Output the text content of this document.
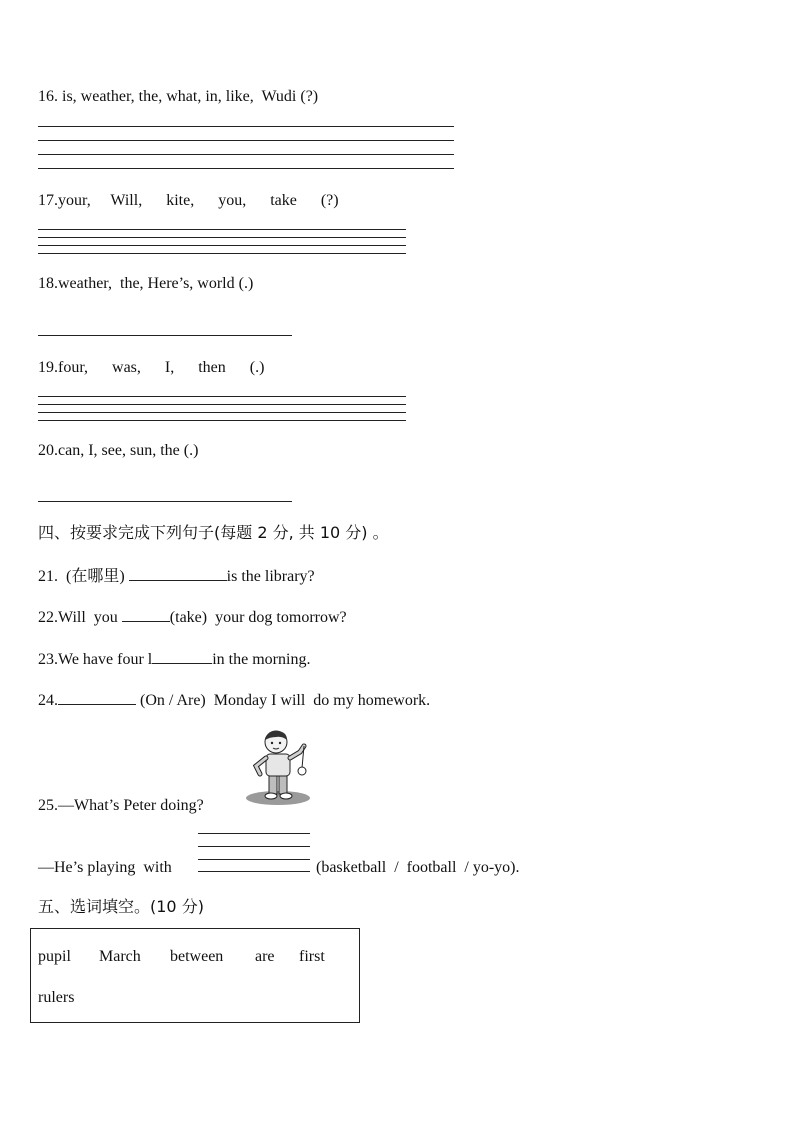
16. is, weather, the, what, in, like,  Wudi (?)
17.your,     Will,      kite,      you,      take      (?)
18.weather,  the, Here’s, world (.)
19.four,      was,      I,      then      (.)
20.can, I, see, sun, the (.)
四、按要求完成下列句子(每题 2 分, 共 10 分) 。
21.  (在哪里)	is the library?
22.Will  you	(take)  your dog tomorrow?
23.We have four l	in the morning.
24.	(On / Are)  Monday I will  do my homework.
25.—What’s Peter doing?
—He’s playing  with	(basketball  /  football  / yo-yo).
五、选词填空。(10 分)
pupil March between are first
rulers
